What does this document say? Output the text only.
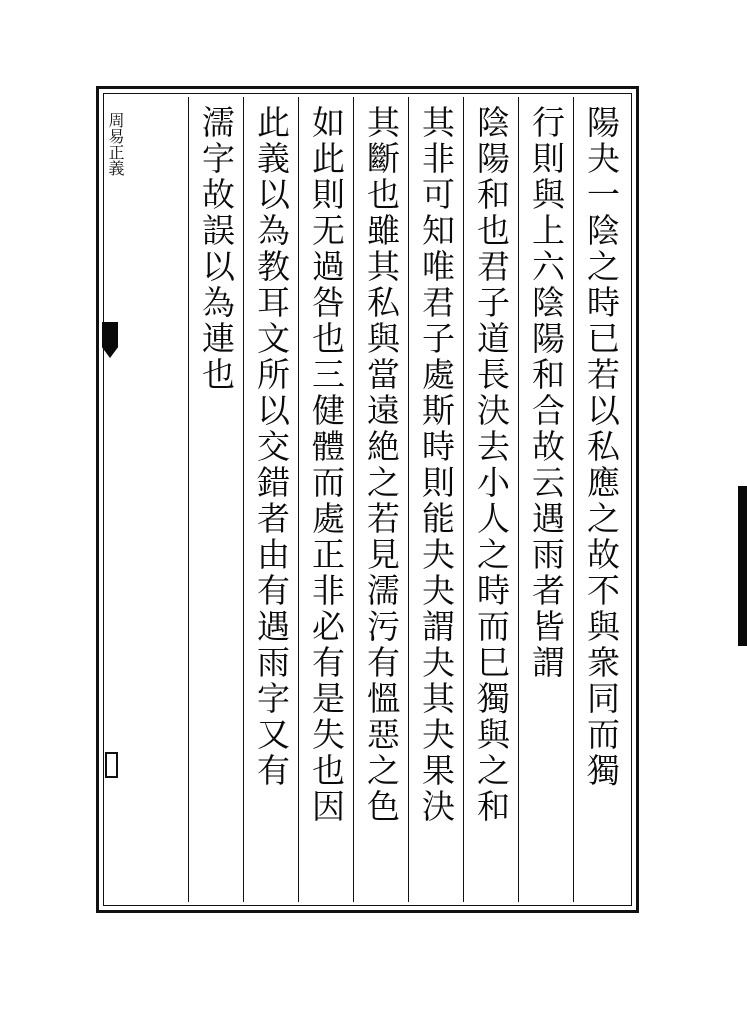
陽夬一陰之時已若以私應之故不與衆同而獨
行則與上六陰陽和合故云遇雨者皆謂
陰陽和也君子道長決去小人之時而巳獨與之和
其非可知唯君子處斯時則能夬夬謂夬其夬果決
其斷也雖其私與當遠絶之若見濡污有慍惡之色
如此則无過咎也三健體而處正非必有是失也因
此義以為教耳文所以交錯者由有遇雨字又有
濡字故誤以為連也
周易正義
